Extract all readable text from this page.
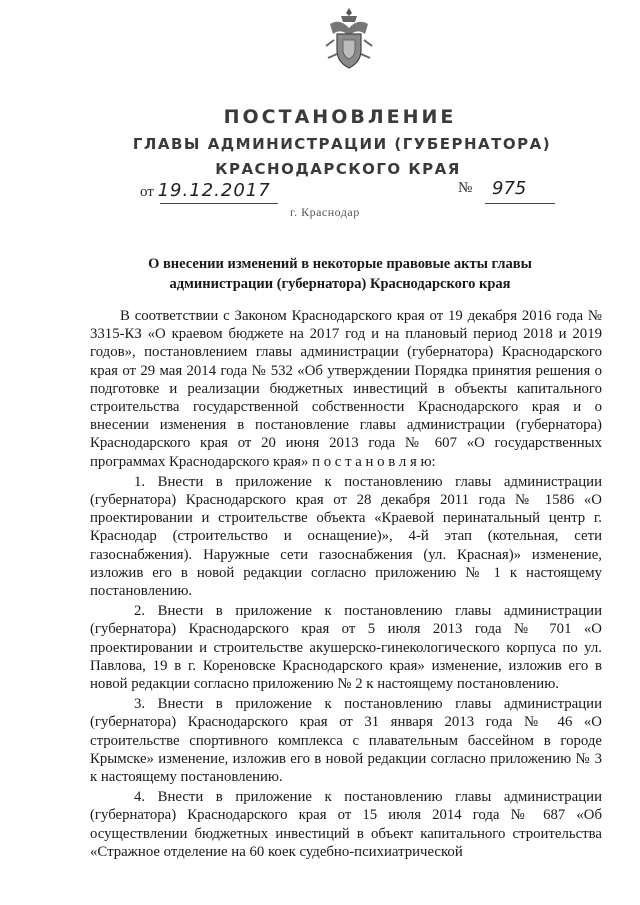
ПОСТАНОВЛЕНИЕ
ГЛАВЫ АДМИНИСТРАЦИИ (ГУБЕРНАТОРА)
КРАСНОДАРСКОГО КРАЯ
от 19.12.2017	№ 975
г. Краснодар
О внесении изменений в некоторые правовые акты главы администрации (губернатора) Краснодарского края

В соответствии с Законом Краснодарского края от 19 декабря 2016 года № 3315-КЗ «О краевом бюджете на 2017 год и на плановый период 2018 и 2019 годов», постановлением главы администрации (губернатора) Краснодарского края от 29 мая 2014 года № 532 «Об утверждении Порядка принятия решения о подготовке и реализации бюджетных инвестиций в объекты капитального строительства государственной собственности Краснодарского края и о внесении изменения в постановление главы администрации (губернатора) Краснодарского края от 20 июня 2013 года № 607 «О государственных программах Краснодарского края» п о с т а н о в л я ю:

1. Внести в приложение к постановлению главы администрации (губернатора) Краснодарского края от 28 декабря 2011 года № 1586 «О проектировании и строительстве объекта «Краевой перинатальный центр г. Краснодар (строительство и оснащение)», 4-й этап (котельная, сети газоснабжения). Наружные сети газоснабжения (ул. Красная)» изменение, изложив его в новой редакции согласно приложению № 1 к настоящему постановлению.

2. Внести в приложение к постановлению главы администрации (губернатора) Краснодарского края от 5 июля 2013 года № 701 «О проектировании и строительстве акушерско-гинекологического корпуса по ул. Павлова, 19 в г. Кореновске Краснодарского края» изменение, изложив его в новой редакции согласно приложению № 2 к настоящему постановлению.

3. Внести в приложение к постановлению главы администрации (губернатора) Краснодарского края от 31 января 2013 года № 46 «О строительстве спортивного комплекса с плавательным бассейном в городе Крымске» изменение, изложив его в новой редакции согласно приложению № 3 к настоящему постановлению.

4. Внести в приложение к постановлению главы администрации (губернатора) Краснодарского края от 15 июля 2014 года № 687 «Об осуществлении бюджетных инвестиций в объект капитального строительства «Стражное отделение на 60 коек судебно-психиатрической
